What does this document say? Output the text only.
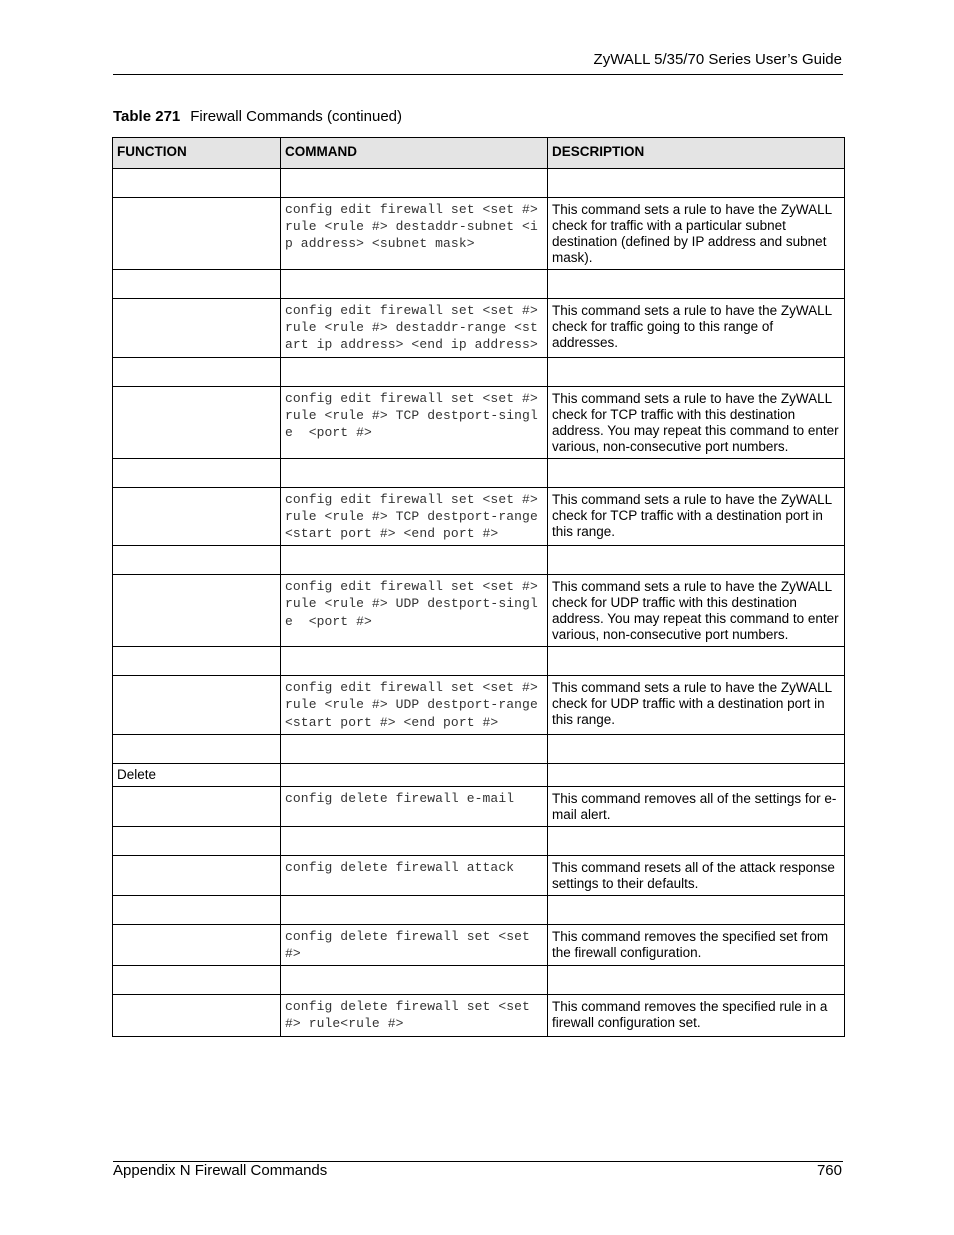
ZyWALL 5/35/70 Series User’s Guide
Table 271 Firewall Commands (continued)
FUNCTION	COMMAND	DESCRIPTION

	config edit firewall set <set #> rule <rule #> destaddr-subnet <ip address> <subnet mask>	This command sets a rule to have the ZyWALL check for traffic with a particular subnet destination (defined by IP address and subnet mask).

	config edit firewall set <set #> rule <rule #> destaddr-range <start ip address> <end ip address>	This command sets a rule to have the ZyWALL check for traffic going to this range of addresses.

	config edit firewall set <set #> rule <rule #> TCP destport-single  <port #>	This command sets a rule to have the ZyWALL check for TCP traffic with this destination address. You may repeat this command to enter various, non-consecutive port numbers.

	config edit firewall set <set #> rule <rule #> TCP destport-range <start port #> <end port #>	This command sets a rule to have the ZyWALL check for TCP traffic with a destination port in this range.

	config edit firewall set <set #> rule <rule #> UDP destport-single  <port #>	This command sets a rule to have the ZyWALL check for UDP traffic with this destination address. You may repeat this command to enter various, non-consecutive port numbers.

	config edit firewall set <set #> rule <rule #> UDP destport-range <start port #> <end port #>	This command sets a rule to have the ZyWALL check for UDP traffic with a destination port in this range.

Delete		
	config delete firewall e-mail	This command removes all of the settings for e-mail alert.

	config delete firewall attack	This command resets all of the attack response settings to their defaults.

	config delete firewall set <set #>	This command removes the specified set from the firewall configuration.

	config delete firewall set <set #> rule<rule #>	This command removes the specified rule in a firewall configuration set.
Appendix N Firewall Commands	760
